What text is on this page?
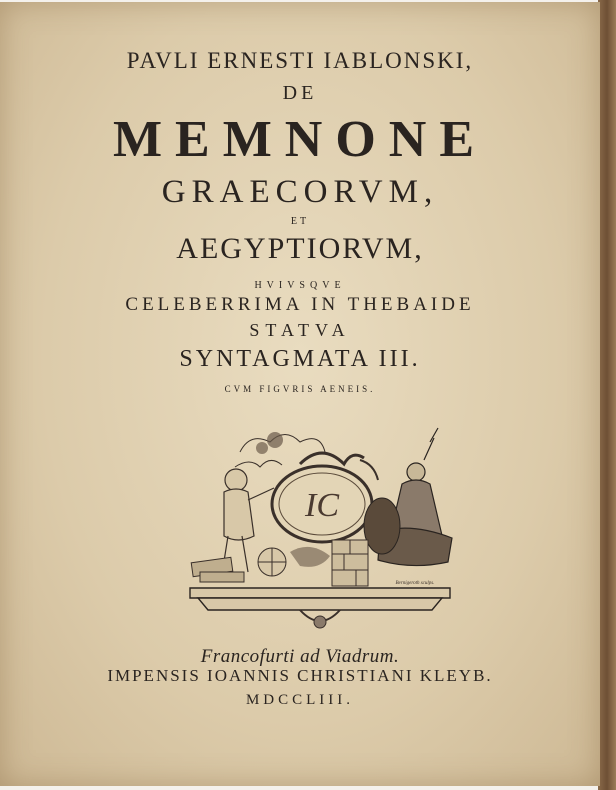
PAVLI ERNESTI IABLONSKI,

DE

MEMNONE

GRAECORVM,

ET

AEGYPTIORVM,

HVIVSQVE

CELEBERRIMA IN THEBAIDE

STATVA

SYNTAGMATA III.

CVM FIGVRIS AENEIS.

IC
Bernigeroth sculps.

Francofurti ad Viadrum.

IMPENSIS IOANNIS CHRISTIANI KLEYB.

MDCCLIII.
